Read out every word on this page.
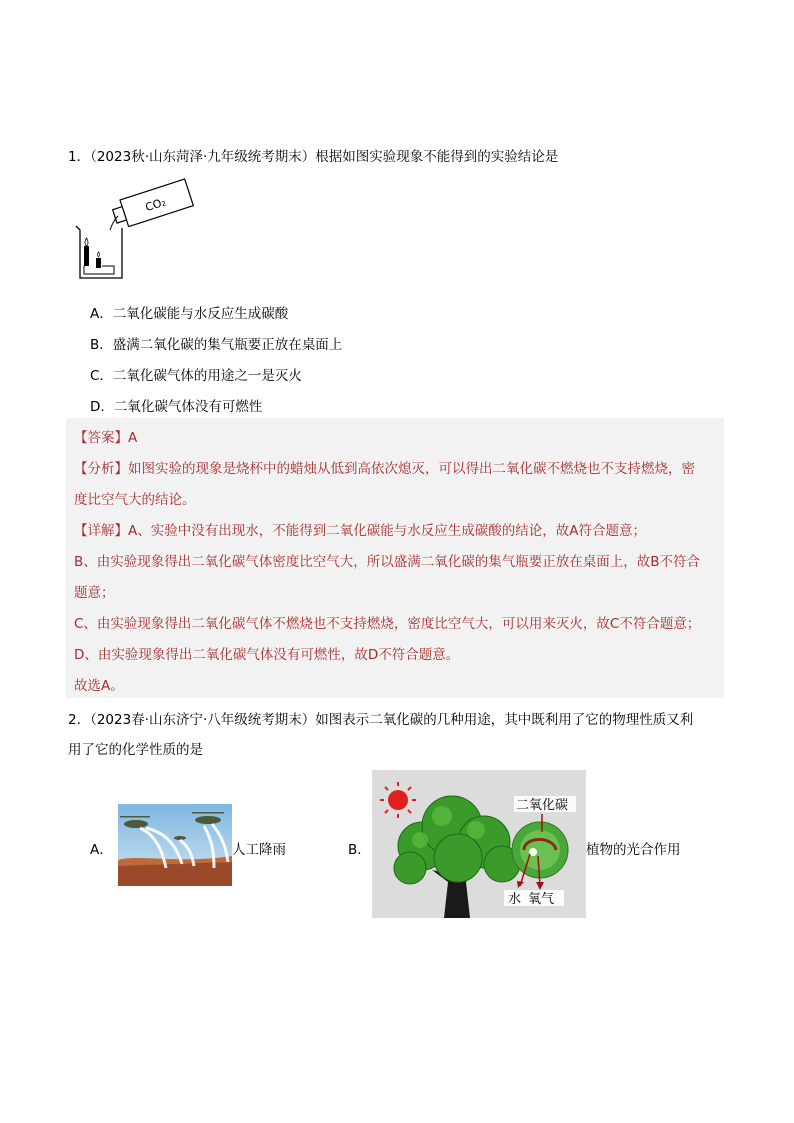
1．（2023秋·山东菏泽·九年级统考期末）根据如图实验现象不能得到的实验结论是
CO₂
A．二氧化碳能与水反应生成碳酸
B．盛满二氧化碳的集气瓶要正放在桌面上
C．二氧化碳气体的用途之一是灭火
D．二氧化碳气体没有可燃性
【答案】A
【分析】如图实验的现象是烧杯中的蜡烛从低到高依次熄灭，可以得出二氧化碳不燃烧也不支持燃烧，密
度比空气大的结论。
【详解】A、实验中没有出现水，不能得到二氧化碳能与水反应生成碳酸的结论，故A符合题意；
B、由实验现象得出二氧化碳气体密度比空气大，所以盛满二氧化碳的集气瓶要正放在桌面上，故B不符合
题意；
C、由实验现象得出二氧化碳气体不燃烧也不支持燃烧，密度比空气大，可以用来灭火，故C不符合题意；
D、由实验现象得出二氧化碳气体没有可燃性，故D不符合题意。
故选A。
2．（2023春·山东济宁·八年级统考期末）如图表示二氧化碳的几种用途，其中既利用了它的物理性质又利
用了它的化学性质的是
A．	人工降雨	B．
二氧化碳
水 氧气
植物的光合作用
